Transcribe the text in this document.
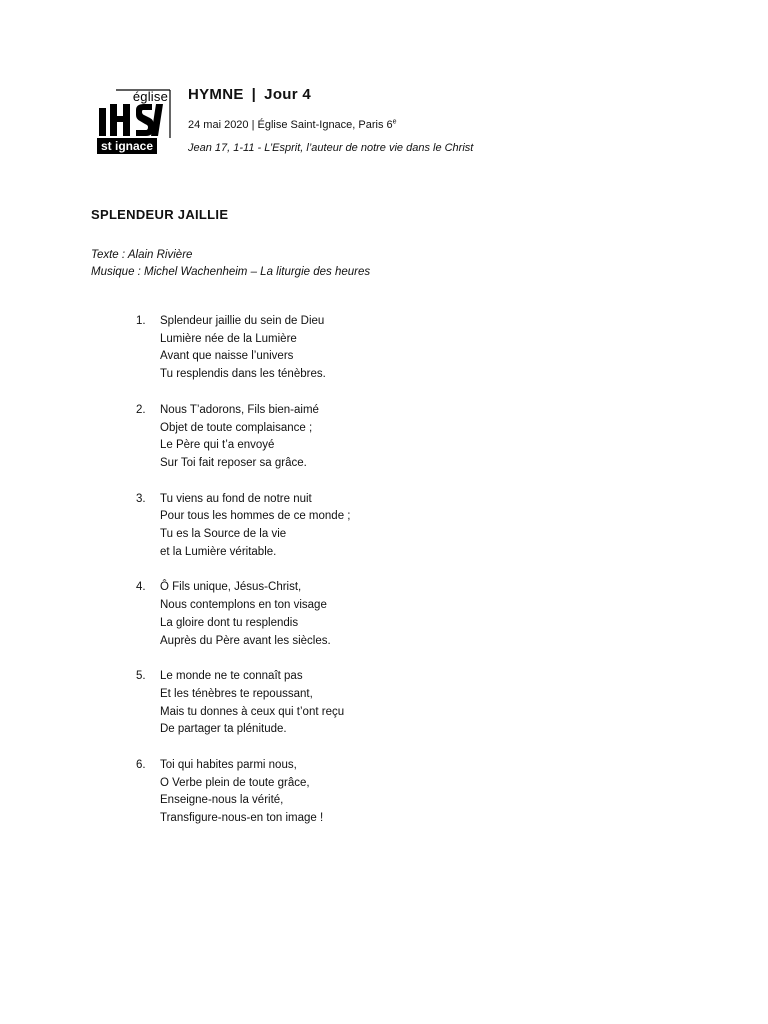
église
st ignace
HYMNE | Jour 4
24 mai 2020 | Église Saint-Ignace, Paris 6e
Jean 17, 1-11 - L’Esprit, l’auteur de notre vie dans le Christ
SPLENDEUR JAILLIE
Texte : Alain Rivière
Musique : Michel Wachenheim – La liturgie des heures
1. Splendeur jaillie du sein de Dieu
Lumière née de la Lumière
Avant que naisse l’univers
Tu resplendis dans les ténèbres.
2. Nous T’adorons, Fils bien-aimé
Objet de toute complaisance ;
Le Père qui t’a envoyé
Sur Toi fait reposer sa grâce.
3. Tu viens au fond de notre nuit
Pour tous les hommes de ce monde ;
Tu es la Source de la vie
et la Lumière véritable.
4. Ô Fils unique, Jésus-Christ,
Nous contemplons en ton visage
La gloire dont tu resplendis
Auprès du Père avant les siècles.
5. Le monde ne te connaît pas
Et les ténèbres te repoussant,
Mais tu donnes à ceux qui t’ont reçu
De partager ta plénitude.
6. Toi qui habites parmi nous,
O Verbe plein de toute grâce,
Enseigne-nous la vérité,
Transfigure-nous-en ton image !
